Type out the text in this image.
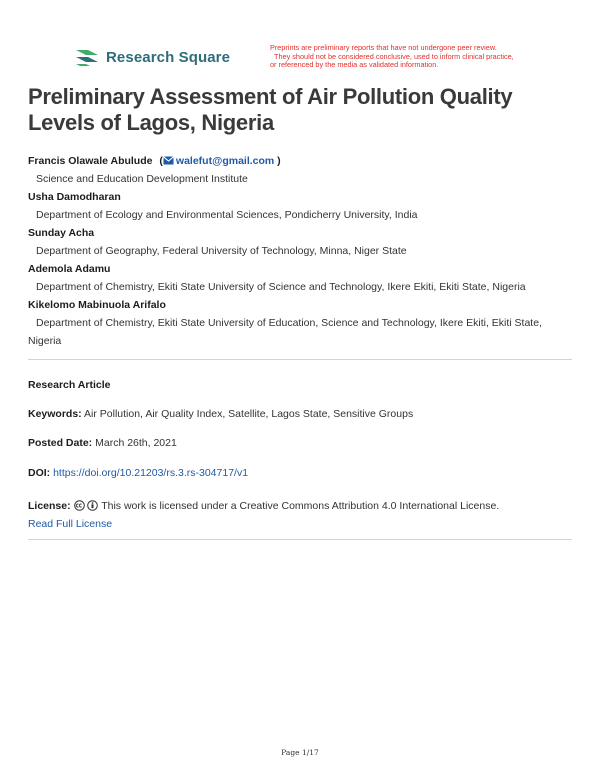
Research Square
Preprints are preliminary reports that have not undergone peer review.
They should not be considered conclusive, used to inform clinical practice,
or referenced by the media as validated information.
Preliminary Assessment of Air Pollution Quality
Levels of Lagos, Nigeria
Francis Olawale Abulude ( walefut@gmail.com )
Science and Education Development Institute
Usha Damodharan
Department of Ecology and Environmental Sciences, Pondicherry University, India
Sunday Acha
Department of Geography, Federal University of Technology, Minna, Niger State
Ademola Adamu
Department of Chemistry, Ekiti State University of Science and Technology, Ikere Ekiti, Ekiti State, Nigeria
Kikelomo Mabinuola Arifalo
Department of Chemistry, Ekiti State University of Education, Science and Technology, Ikere Ekiti, Ekiti State, Nigeria
Research Article
Keywords: Air Pollution, Air Quality Index, Satellite, Lagos State, Sensitive Groups
Posted Date: March 26th, 2021
DOI: https://doi.org/10.21203/rs.3.rs-304717/v1
License:	This work is licensed under a Creative Commons Attribution 4.0 International License.
Read Full License
Page 1/17
